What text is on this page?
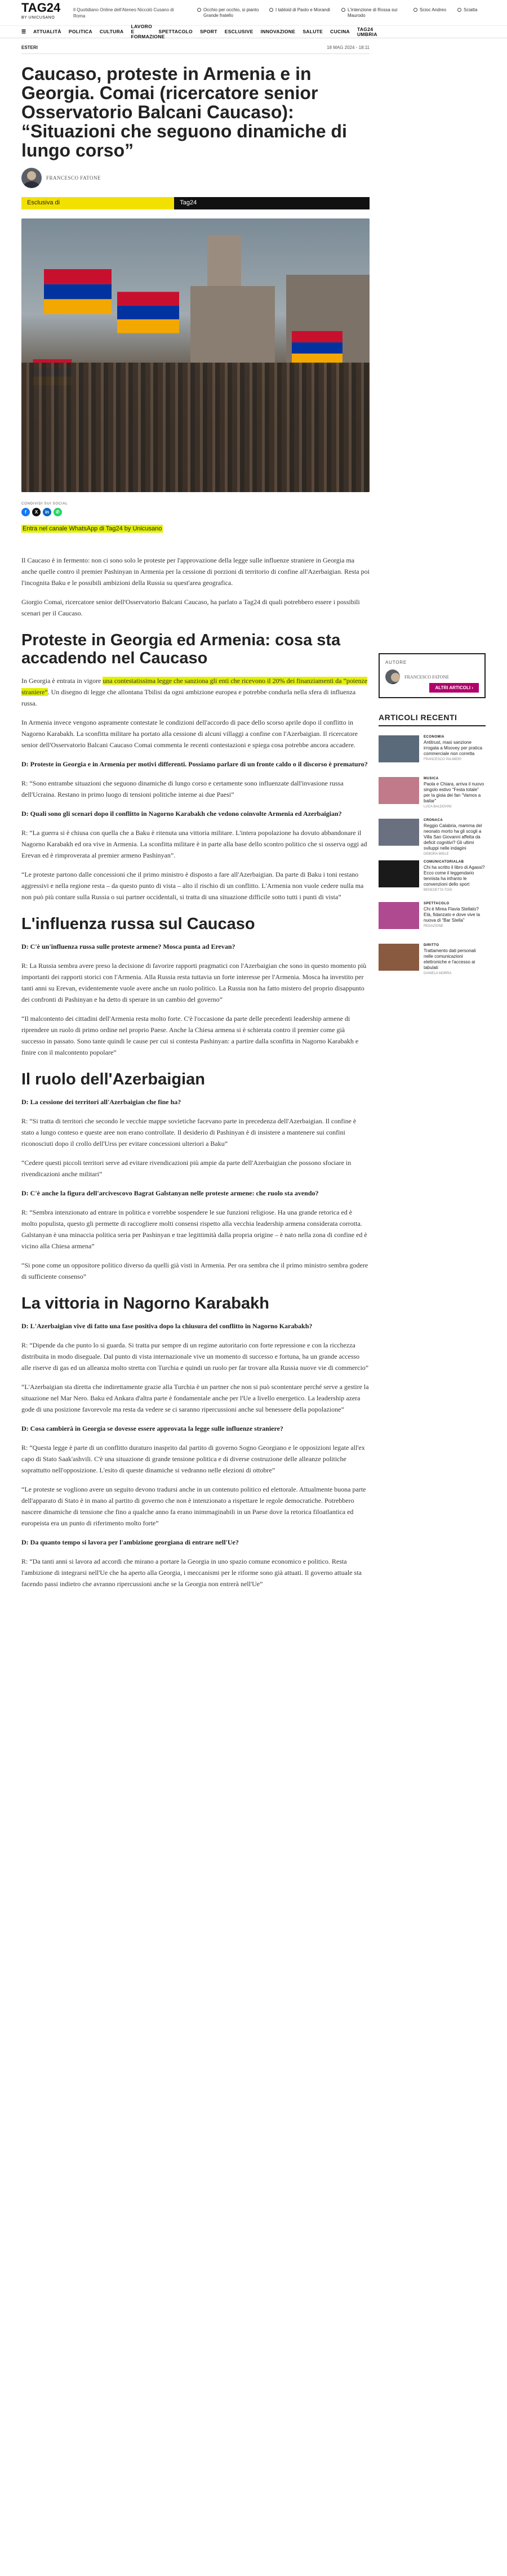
TAG24
BY UNICUSANO
Il Quotidiano Online dell'Ateneo Niccolò Cusano di Roma
Occhio per occhio, si pianto Grande fratello
I tabloid di Paolo e Morandi	L'intenzione di Rossa sui Maurodo
Scioc Andreo	Sciatta
☰ ATTUALITÀ POLITICA CULTURA
LAVORO E FORMAZIONE
SPETTACOLO SPORT ESCLUSIVE INNOVAZIONE SALUTE CUCINA TAG24 UMBRIA
ESTERI	18 MAG 2024 - 18:11
Caucaso, proteste in Armenia e in Georgia. Comai (ricercatore senior Osservatorio Balcani Caucaso): “Situazioni che seguono dinamiche di lungo corso”
FRANCESCO FATONE
Esclusiva di	Tag24
CONDIVIDI SUI SOCIAL
f	X	in	✆
Entra nel canale WhatsApp di Tag24 by Unicusano

Il Caucaso è in fermento: non ci sono solo le proteste per l'approvazione della legge sulle influenze straniere in Georgia ma anche quelle contro il premier Pashinyan in Armenia per la cessione di porzioni di territorio di confine all'Azerbaigian. Resta poi l'incognita Baku e le possibili ambizioni della Russia su quest'area geografica.

Giorgio Comai, ricercatore senior dell'Osservatorio Balcani Caucaso, ha parlato a Tag24 di quali potrebbero essere i possibili scenari per il Caucaso.

Proteste in Georgia ed Armenia: cosa sta accadendo nel Caucaso

In Georgia è entrata in vigore una contestatissima legge che sanziona gli enti che ricevono il 20% dei finanziamenti da “potenze straniere”. Un disegno di legge che allontana Tbilisi da ogni ambizione europea e potrebbe condurla nella sfera di influenza russa.

In Armenia invece vengono aspramente contestate le condizioni dell'accordo di pace dello scorso aprile dopo il conflitto in Nagorno Karabakh. La sconfitta militare ha portato alla cessione di alcuni villaggi a confine con l'Azerbaigian. Il ricercatore senior dell'Osservatorio Balcani Caucaso Comai commenta le recenti contestazioni e spiega cosa potrebbe ancora accadere.

D: Proteste in Georgia e in Armenia per motivi differenti. Possiamo parlare di un fronte caldo o il discorso è prematuro?

R: “Sono entrambe situazioni che seguono dinamiche di lungo corso e certamente sono influenzate dall'invasione russa dell'Ucraina. Restano in primo luogo di tensioni politiche interne ai due Paesi”

D: Quali sono gli scenari dopo il conflitto in Nagorno Karabakh che vedono coinvolte Armenia ed Azerbaigian?

R: “La guerra si è chiusa con quella che a Baku è ritenuta una vittoria militare. L'intera popolazione ha dovuto abbandonare il Nagorno Karabakh ed ora vive in Armenia. La sconfitta militare è in parte alla base dello scontro politico che si osserva oggi ad Erevan ed è rimproverata al premier armeno Pashinyan”.

“Le proteste partono dalle concessioni che il primo ministro è disposto a fare all'Azerbaigian. Da parte di Baku i toni restano aggressivi e nella regione resta – da questo punto di vista – alto il rischio di un conflitto. L'Armenia non vuole cedere nulla ma non può più contare sulla Russia o sui partner occidentali, si tratta di una situazione difficile sotto tutti i punti di vista”

L'influenza russa sul Caucaso

D: C'è un'influenza russa sulle proteste armene? Mosca punta ad Erevan?

R: La Russia sembra avere preso la decisione di favorire rapporti pragmatici con l'Azerbaigian che sono in questo momento più importanti dei rapporti storici con l'Armenia. Alla Russia resta tuttavia un forte interesse per l'Armenia. Mosca ha investito per tanti anni su Erevan, evidentemente vuole avere anche un ruolo politico. La Russia non ha fatto mistero del proprio disappunto dei confronti di Pashinyan e ha detto di sperare in un cambio del governo”

“Il malcontento dei cittadini dell'Armenia resta molto forte. C'è l'occasione da parte delle precedenti leadership armene di riprendere un ruolo di primo ordine nel proprio Paese. Anche la Chiesa armena si è schierata contro il premier come già successo in passato. Sono tante quindi le cause per cui si contesta Pashinyan: a partire dalla sconfitta in Nagorno Karabakh e finire con il malcontento popolare”

Il ruolo dell'Azerbaigian

D: La cessione dei territori all'Azerbaigian che fine ha?

R: “Si tratta di territori che secondo le vecchie mappe sovietiche facevano parte in precedenza dell'Azerbaigian. Il confine è stato a lungo conteso e queste aree non erano controllate. Il desiderio di Pashinyan è di insistere a mantenere sui confini riconosciuti dopo il crollo dell'Urss per evitare concessioni ulteriori a Baku”

“Cedere questi piccoli territori serve ad evitare rivendicazioni più ampie da parte dell'Azerbaigian che possono sfociare in rivendicazioni anche militari”

D: C'è anche la figura dell'arcivescovo Bagrat Galstanyan nelle proteste armene: che ruolo sta avendo?

R: “Sembra intenzionato ad entrare in politica e vorrebbe sospendere le sue funzioni religiose. Ha una grande retorica ed è molto populista, questo gli permette di raccogliere molti consensi rispetto alla vecchia leadership armena considerata corrotta. Galstanyan è una minaccia politica seria per Pashinyan e trae legittimità dalla propria origine – è nato nella zona di confine ed è vicino alla Chiesa armena”

“Si pone come un oppositore politico diverso da quelli già visti in Armenia. Per ora sembra che il primo ministro sembra godere di sufficiente consenso”

La vittoria in Nagorno Karabakh

D: L'Azerbaigian vive di fatto una fase positiva dopo la chiusura del conflitto in Nagorno Karabakh?

R: “Dipende da che punto lo si guarda. Si tratta pur sempre di un regime autoritario con forte repressione e con la ricchezza distribuita in modo diseguale. Dal punto di vista internazionale vive un momento di successo e fortuna, ha un grande accesso alle riserve di gas ed un alleanza molto stretta con Turchia e quindi un ruolo per far trovare alla Russia nuove vie di commercio”

“L'Azerbaigian sta diretta che indirettamente grazie alla Turchia è un partner che non si può scontentare perché serve a gestire la situazione nel Mar Nero. Baku ed Ankara d'altra parte è fondamentale anche per l'Ue a livello energetico. La leadership azera gode di una posizione favorevole ma resta da vedere se ci saranno ripercussioni anche sul benessere della popolazione”

D: Cosa cambierà in Georgia se dovesse essere approvata la legge sulle influenze straniere?

R: “Questa legge è parte di un conflitto duraturo inasprito dal partito di governo Sogno Georgiano e le opposizioni legate all'ex capo di Stato Saak'ashvili. C'è una situazione di grande tensione politica e di diverse costruzione delle alleanze politiche soprattutto nell'opposizione. L'esito di queste dinamiche si vedranno nelle elezioni di ottobre”

“Le proteste se vogliono avere un seguito devono tradursi anche in un contenuto politico ed elettorale. Attualmente buona parte dell'apparato di Stato è in mano al partito di governo che non è intenzionato a rispettare le regole democratiche. Potrebbero nascere dinamiche di tensione che fino a qualche anno fa erano inimmaginabili in un Paese dove la retorica filoatlantica ed europeista era un punto di riferimento molto forte”

D: Da quanto tempo si lavora per l'ambizione georgiana di entrare nell'Ue?

R: “Da tanti anni si lavora ad accordi che mirano a portare la Georgia in uno spazio comune economico e politico. Resta l'ambizione di integrarsi nell'Ue che ha aperto alla Georgia, i meccanismi per le riforme sono già attuati. Il governo attuale sta facendo passi indietro che avranno ripercussioni anche se la Georgia non entrerà nell'Ue”

AUTORE
FRANCESCO FATONE
ALTRI ARTICOLI ›
ARTICOLI RECENTI
ECONOMIA
Antitrust, maxi sanzione irrogata a Moovey per pratica commerciale non corretta
FRANCESCO PALMIERI
MUSICA
Paola e Chiara, arriva il nuovo singolo estivo “Festa totale” per la gioia dei fan “Vamos a bailar”
LUCA BALDOVINI
CRONACA
Reggio Calabria, mamma del neonato morto ha gli scogli a Villa San Giovanni affetta da deficit cognitivi? Gli ultimi sviluppi nelle indagini
DEBORA MIELE
COMUNICATORIALAB
Chi ha scritto il libro di Agassi? Ecco come il leggendario tennista ha infranto le convenzioni dello sport
BENEDETTA TOSI
SPETTACOLO
Chi è Mirea Flavia Stellato? Età, fidanzato e dove vive la nuova di “Bar Stella”
REDAZIONE
DIRITTO
Trattamento dati personali nelle comunicazioni elettroniche e l'accesso ai tabulati
DANIELA MORRA
